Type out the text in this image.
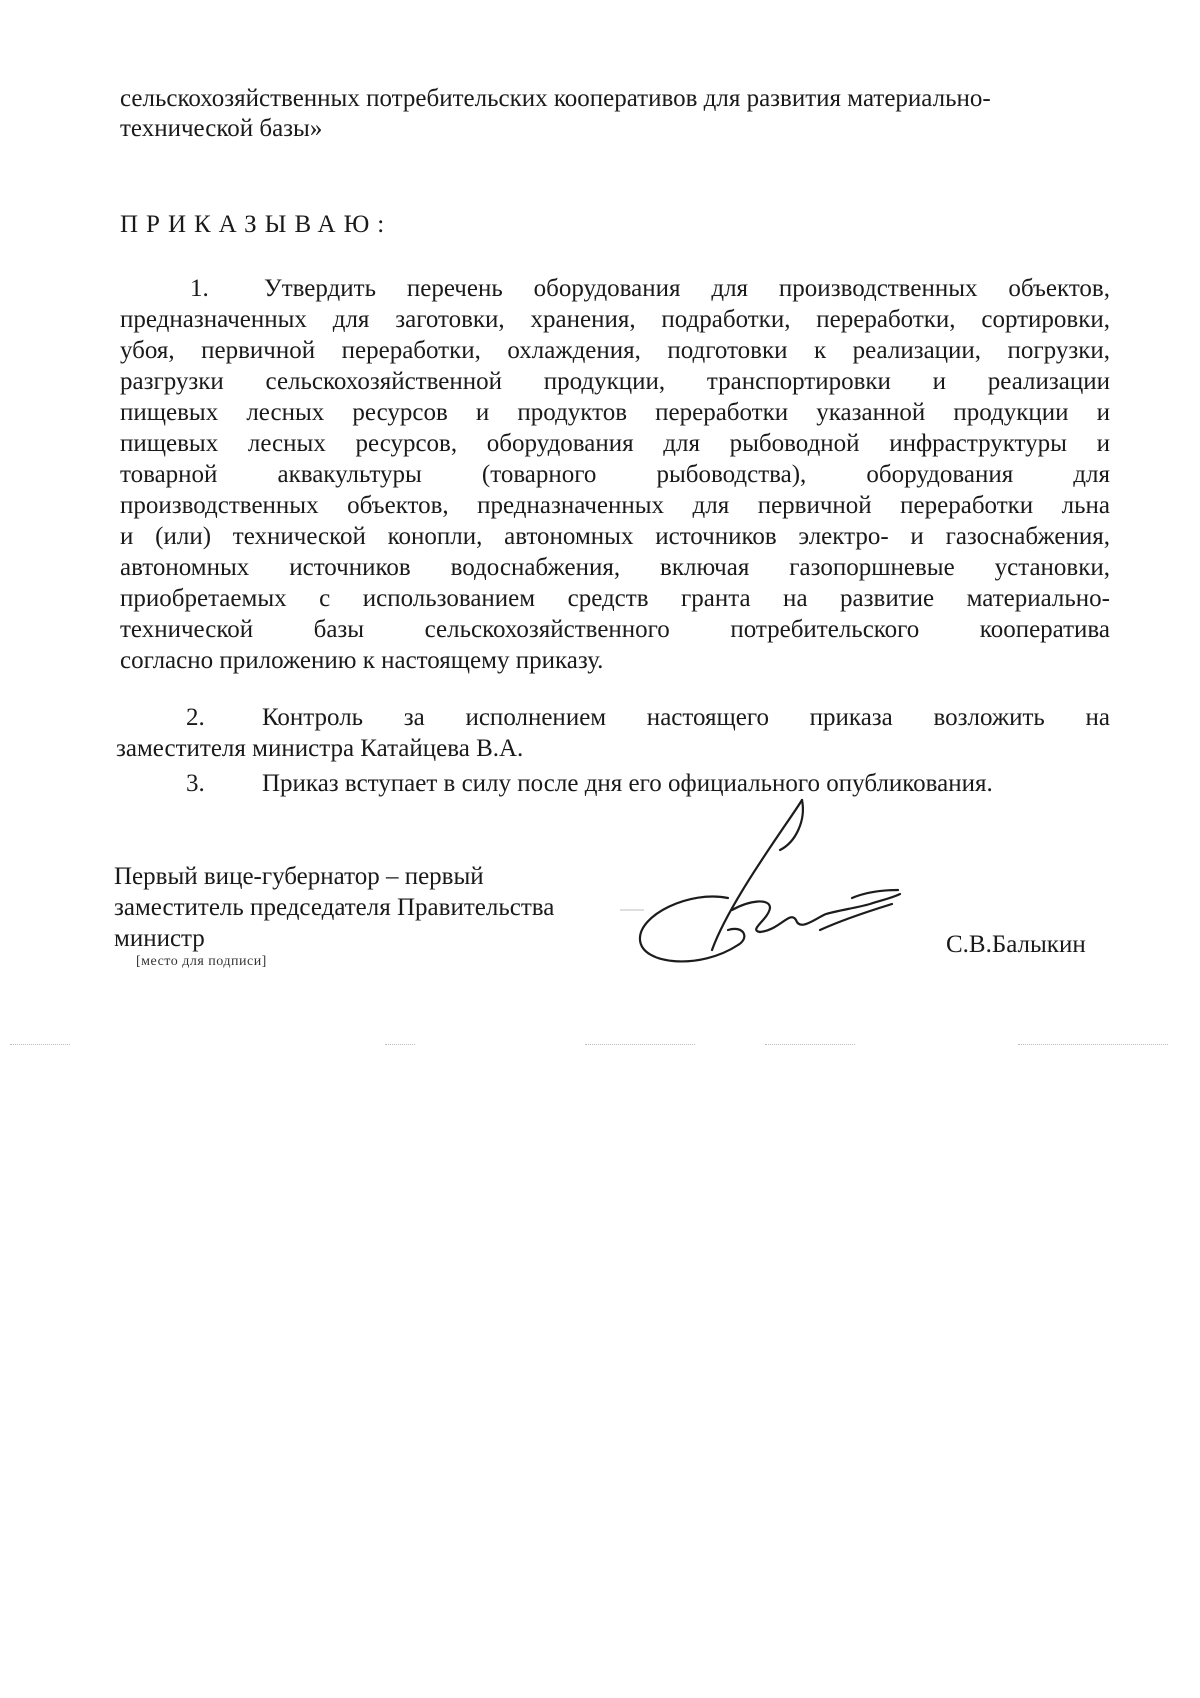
сельскохозяйственных потребительских кооперативов для развития материально-
технической базы»
ПРИКАЗЫВАЮ:
1. Утвердить перечень оборудования для производственных объектов,
предназначенных для заготовки, хранения, подработки, переработки, сортировки,
убоя, первичной переработки, охлаждения, подготовки к реализации, погрузки,
разгрузки сельскохозяйственной продукции, транспортировки и реализации
пищевых лесных ресурсов и продуктов переработки указанной продукции и
пищевых лесных ресурсов, оборудования для рыбоводной инфраструктуры и
товарной аквакультуры (товарного рыбоводства), оборудования для
производственных объектов, предназначенных для первичной переработки льна
и (или) технической конопли, автономных источников электро- и газоснабжения,
автономных источников водоснабжения, включая газопоршневые установки,
приобретаемых с использованием средств гранта на развитие материально-
технической базы сельскохозяйственного потребительского кооператива
согласно приложению к настоящему приказу.
2. Контроль за исполнением настоящего приказа возложить на
заместителя министра Катайцева В.А.
3. Приказ вступает в силу после дня его официального опубликования.
Первый вице-губернатор – первый
заместитель председателя Правительства
министр
[место для подписи]
С.В.Балыкин
